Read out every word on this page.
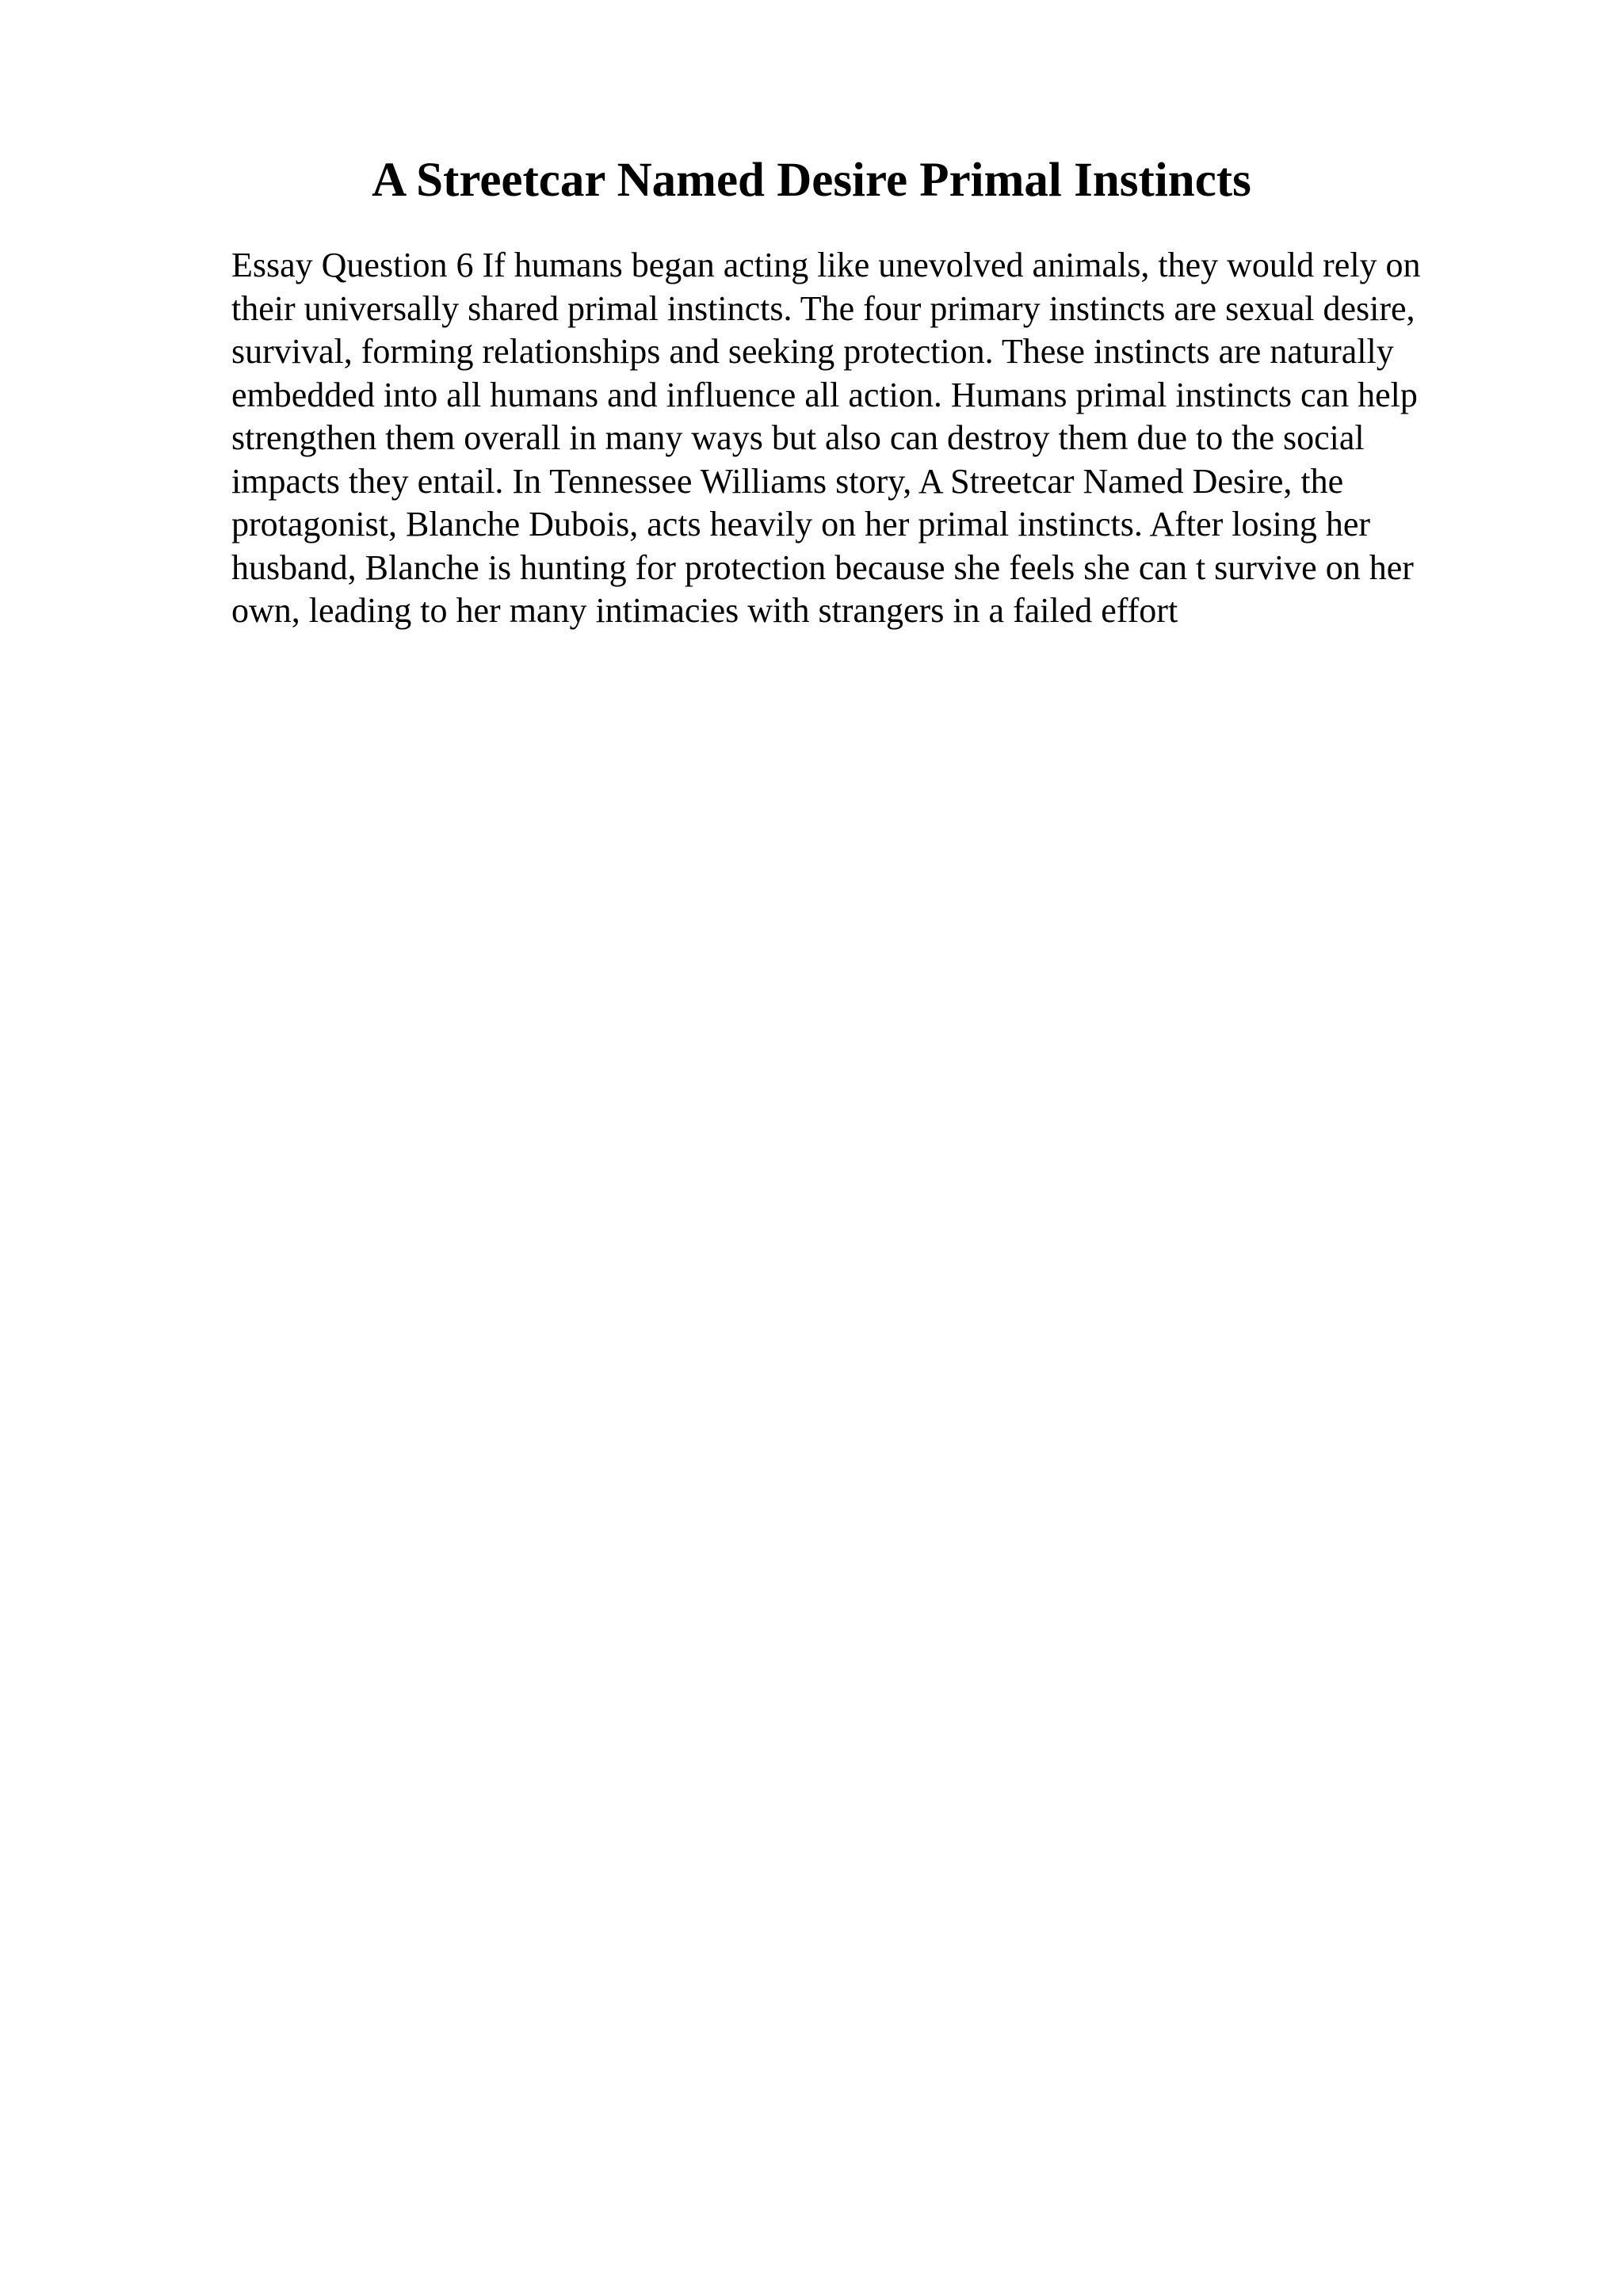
A Streetcar Named Desire Primal Instincts
Essay Question 6 If humans began acting like unevolved animals, they would rely on
their universally shared primal instincts. The four primary instincts are sexual desire,
survival, forming relationships and seeking protection. These instincts are naturally
embedded into all humans and influence all action. Humans primal instincts can help
strengthen them overall in many ways but also can destroy them due to the social
impacts they entail. In Tennessee Williams story, A Streetcar Named Desire, the
protagonist, Blanche Dubois, acts heavily on her primal instincts. After losing her
husband, Blanche is hunting for protection because she feels she can t survive on her
own, leading to her many intimacies with strangers in a failed effort
